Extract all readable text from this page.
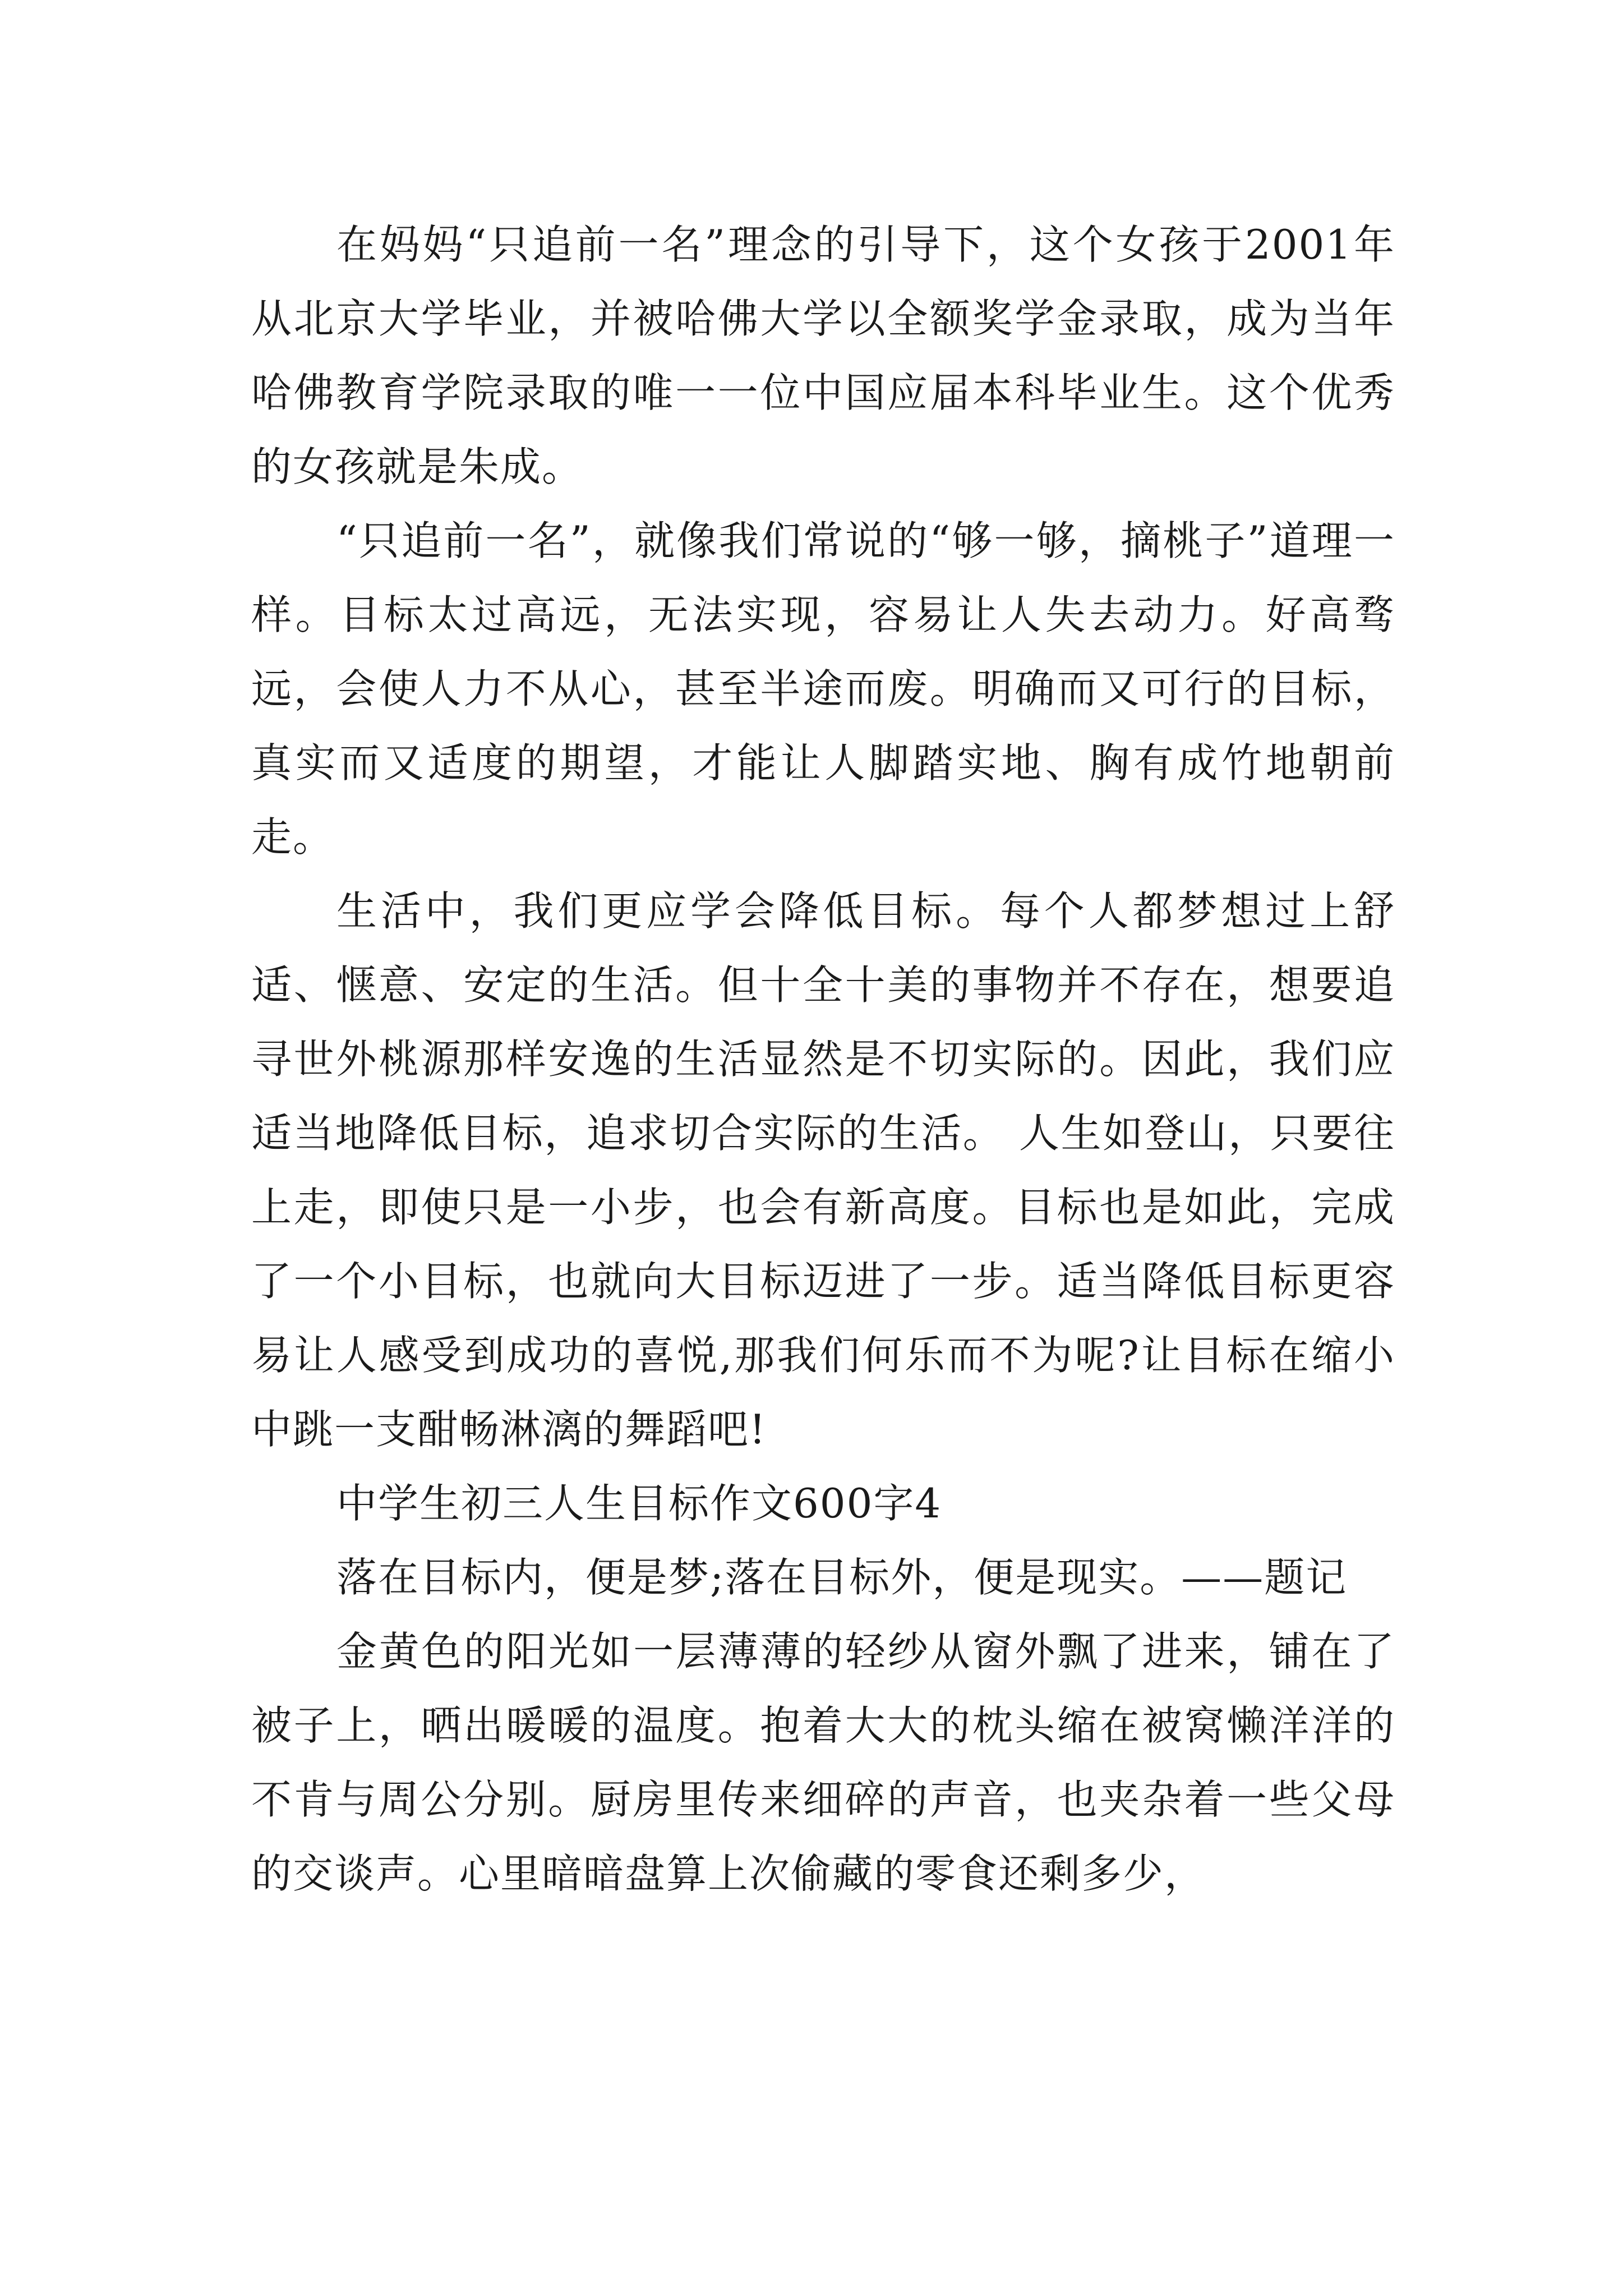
在妈妈“只追前一名”理念的引导下，这个女孩于2001年从北京大学毕业，并被哈佛大学以全额奖学金录取，成为当年哈佛教育学院录取的唯一一位中国应届本科毕业生。这个优秀的女孩就是朱成。

“只追前一名”，就像我们常说的“够一够，摘桃子”道理一样。目标太过高远，无法实现，容易让人失去动力。好高骛远，会使人力不从心，甚至半途而废。明确而又可行的目标，真实而又适度的期望，才能让人脚踏实地、胸有成竹地朝前走。

生活中，我们更应学会降低目标。每个人都梦想过上舒适、惬意、安定的生活。但十全十美的事物并不存在，想要追寻世外桃源那样安逸的生活显然是不切实际的。因此，我们应适当地降低目标，追求切合实际的生活。 人生如登山，只要往上走，即使只是一小步，也会有新高度。目标也是如此，完成了一个小目标，也就向大目标迈进了一步。适当降低目标更容易让人感受到成功的喜悦,那我们何乐而不为呢?让目标在缩小中跳一支酣畅淋漓的舞蹈吧!

中学生初三人生目标作文600字4

落在目标内，便是梦;落在目标外，便是现实。——题记

金黄色的阳光如一层薄薄的轻纱从窗外飘了进来，铺在了被子上，晒出暖暖的温度。抱着大大的枕头缩在被窝懒洋洋的不肯与周公分别。厨房里传来细碎的声音，也夹杂着一些父母的交谈声。心里暗暗盘算上次偷藏的零食还剩多少，
